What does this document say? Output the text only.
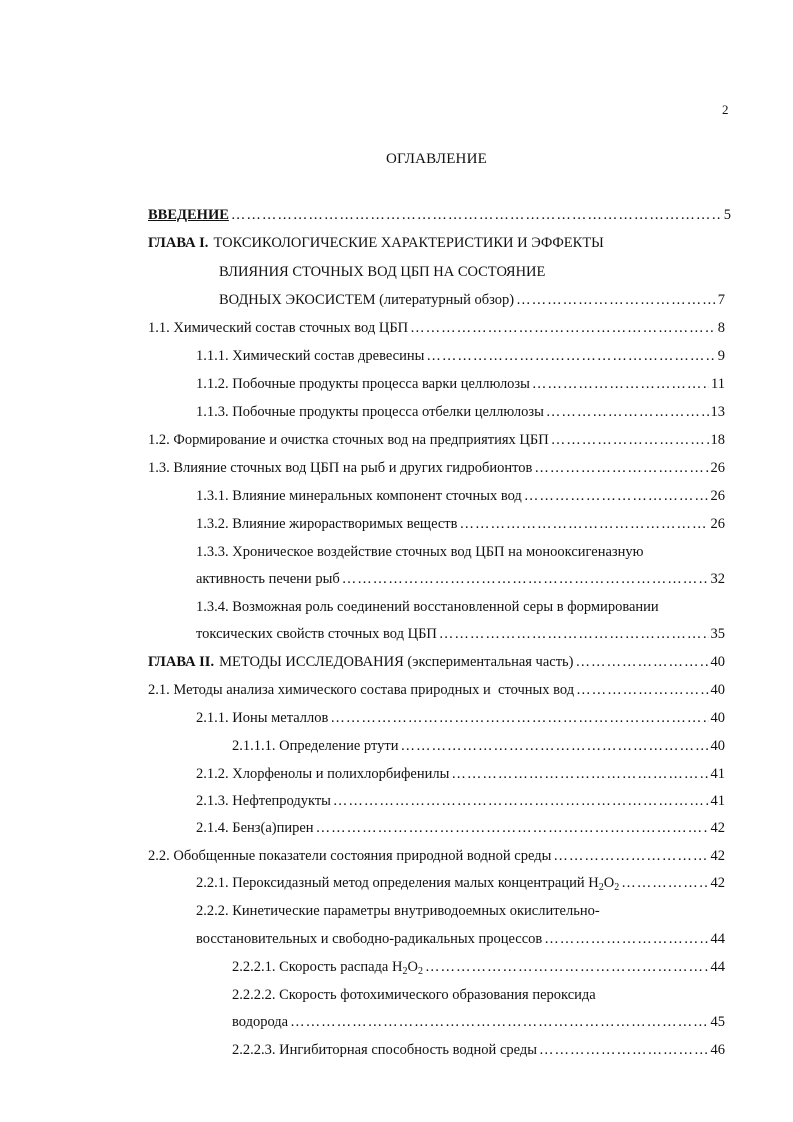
2
ОГЛАВЛЕНИЕ
ВВЕДЕНИЕ …………………………………………………………………………………………………………………………………………………………………………………………	5
ГЛАВА I. ТОКСИКОЛОГИЧЕСКИЕ ХАРАКТЕРИСТИКИ И ЭФФЕКТЫ
ВЛИЯНИЯ СТОЧНЫХ ВОД ЦБП НА СОСТОЯНИЕ
ВОДНЫХ ЭКОСИСТЕМ (литературный обзор) …………………………………………………………………………………………………………………………………………………………………………………………	7
1.1. Химический состав сточных вод ЦБП …………………………………………………………………………………………………………………………………………………………………………………………	8
1.1.1. Химический состав древесины …………………………………………………………………………………………………………………………………………………………………………………………	9
1.1.2. Побочные продукты процесса варки целлюлозы …………………………………………………………………………………………………………………………………………………………………………………………	11
1.1.3. Побочные продукты процесса отбелки целлюлозы …………………………………………………………………………………………………………………………………………………………………………………………	13
1.2. Формирование и очистка сточных вод на предприятиях ЦБП …………………………………………………………………………………………………………………………………………………………………………………………	18
1.3. Влияние сточных вод ЦБП на рыб и других гидробионтов …………………………………………………………………………………………………………………………………………………………………………………………	26
1.3.1. Влияние минеральных компонент сточных вод …………………………………………………………………………………………………………………………………………………………………………………………	26
1.3.2. Влияние жирорастворимых веществ …………………………………………………………………………………………………………………………………………………………………………………………	26
1.3.3. Хроническое воздействие сточных вод ЦБП на монооксигеназную
активность печени рыб …………………………………………………………………………………………………………………………………………………………………………………………	32
1.3.4. Возможная роль соединений восстановленной серы в формировании
токсических свойств сточных вод ЦБП …………………………………………………………………………………………………………………………………………………………………………………………	35
ГЛАВА II. МЕТОДЫ ИССЛЕДОВАНИЯ (экспериментальная часть) …………………………………………………………………………………………………………………………………………………………………………………………	40
2.1. Методы анализа химического состава природных и  сточных вод …………………………………………………………………………………………………………………………………………………………………………………………	40
2.1.1. Ионы металлов …………………………………………………………………………………………………………………………………………………………………………………………	40
2.1.1.1. Определение ртути …………………………………………………………………………………………………………………………………………………………………………………………	40
2.1.2. Хлорфенолы и полихлорбифенилы …………………………………………………………………………………………………………………………………………………………………………………………	41
2.1.3. Нефтепродукты …………………………………………………………………………………………………………………………………………………………………………………………	41
2.1.4. Бенз(а)пирен …………………………………………………………………………………………………………………………………………………………………………………………	42
2.2. Обобщенные показатели состояния природной водной среды …………………………………………………………………………………………………………………………………………………………………………………………	42
2.2.1. Пероксидазный метод определения малых концентраций $H_2O_2$ …………………………………………………………………………………………………………………………………………………………………………………………	42
2.2.2. Кинетические параметры внутриводоемных окислительно-
восстановительных и свободно-радикальных процессов …………………………………………………………………………………………………………………………………………………………………………………………	44
2.2.2.1. Скорость распада $H_2O_2$ …………………………………………………………………………………………………………………………………………………………………………………………	44
2.2.2.2. Скорость фотохимического образования пероксида
водорода …………………………………………………………………………………………………………………………………………………………………………………………	45
2.2.2.3. Ингибиторная способность водной среды …………………………………………………………………………………………………………………………………………………………………………………………	46
